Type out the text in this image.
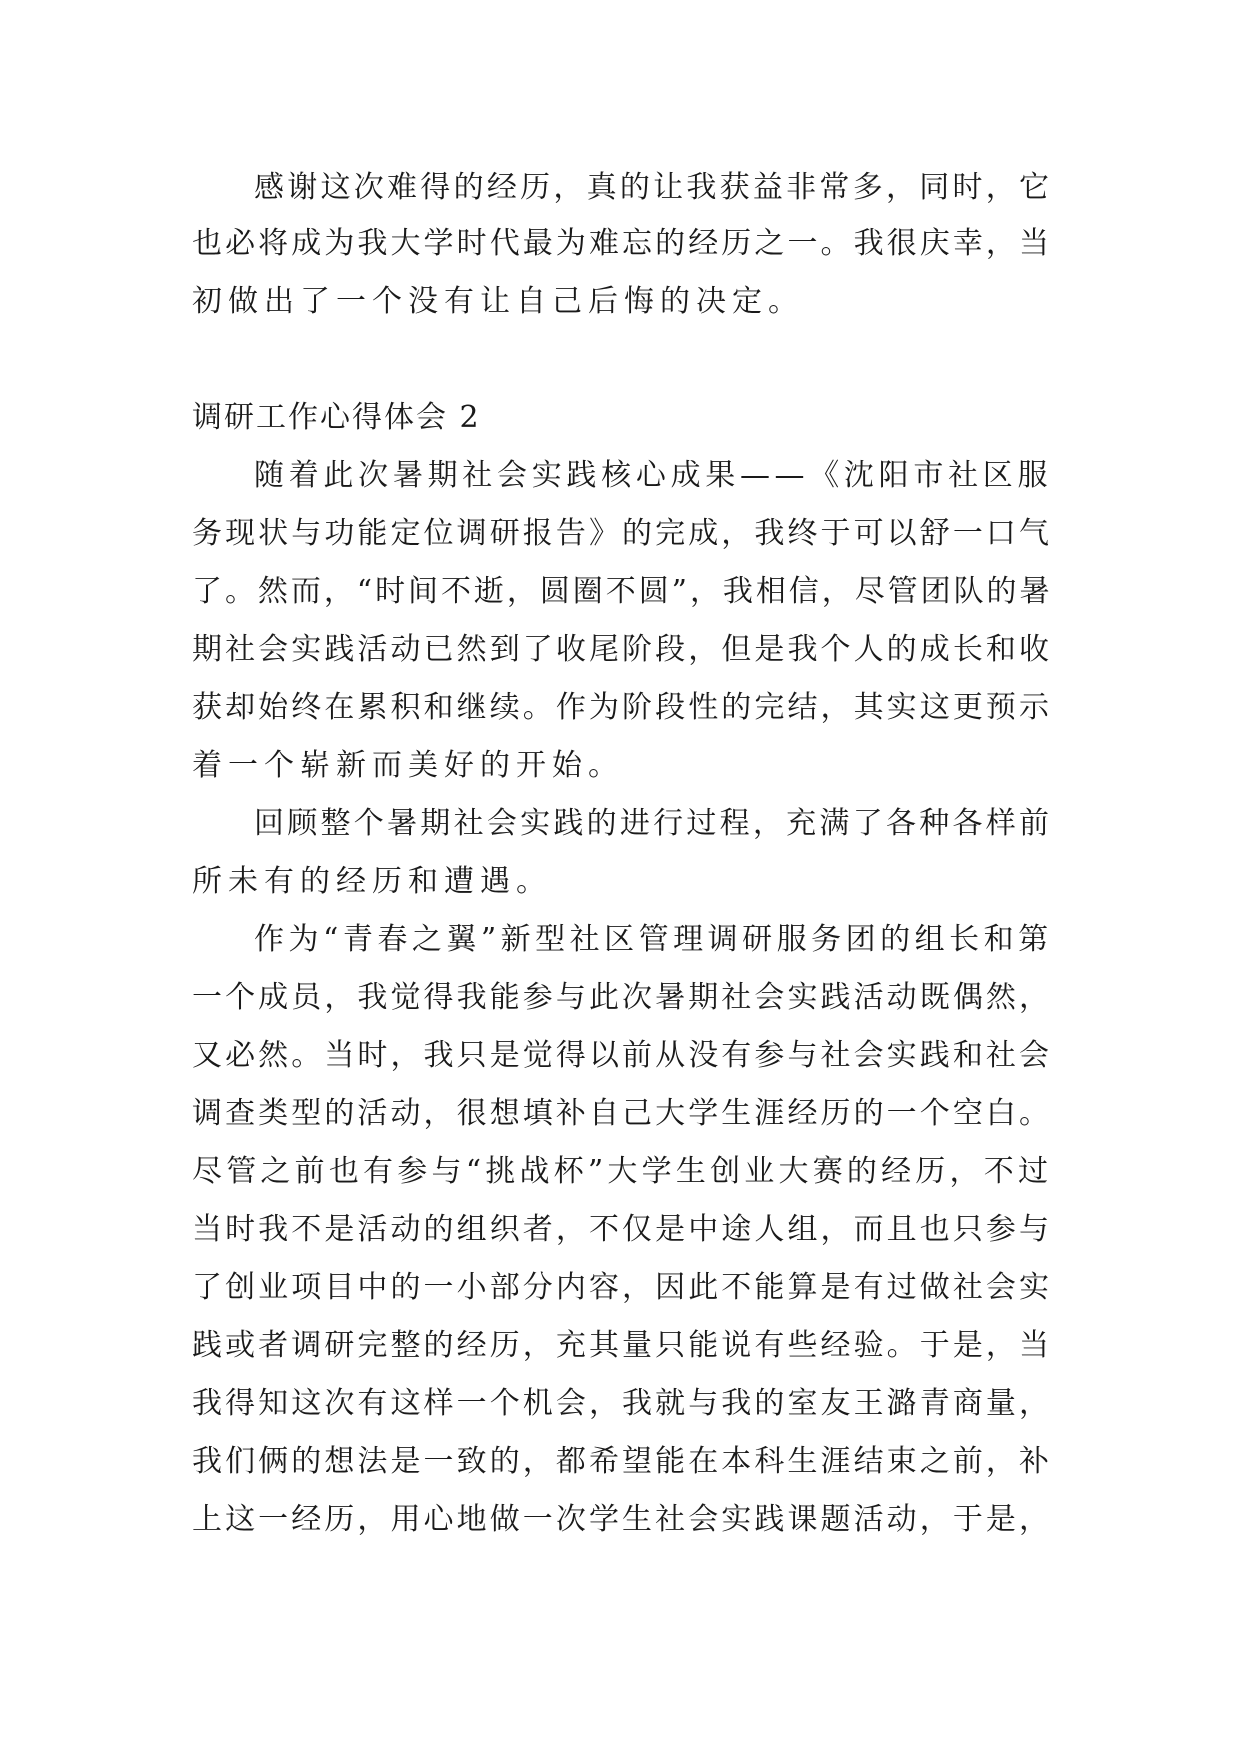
感谢这次难得的经历，真的让我获益非常多，同时，它
也必将成为我大学时代最为难忘的经历之一。我很庆幸，当
初做出了一个没有让自己后悔的决定。
调研工作心得体会 2
随着此次暑期社会实践核心成果——《沈阳市社区服
务现状与功能定位调研报告》的完成，我终于可以舒一口气
了。然而，“时间不逝，圆圈不圆”，我相信，尽管团队的暑
期社会实践活动已然到了收尾阶段，但是我个人的成长和收
获却始终在累积和继续。作为阶段性的完结，其实这更预示
着一个崭新而美好的开始。
回顾整个暑期社会实践的进行过程，充满了各种各样前
所未有的经历和遭遇。
作为“青春之翼”新型社区管理调研服务团的组长和第
一个成员，我觉得我能参与此次暑期社会实践活动既偶然，
又必然。当时，我只是觉得以前从没有参与社会实践和社会
调查类型的活动，很想填补自己大学生涯经历的一个空白。
尽管之前也有参与“挑战杯”大学生创业大赛的经历，不过
当时我不是活动的组织者，不仅是中途人组，而且也只参与
了创业项目中的一小部分内容，因此不能算是有过做社会实
践或者调研完整的经历，充其量只能说有些经验。于是，当
我得知这次有这样一个机会，我就与我的室友王潞青商量，
我们俩的想法是一致的，都希望能在本科生涯结束之前，补
上这一经历，用心地做一次学生社会实践课题活动，于是，
